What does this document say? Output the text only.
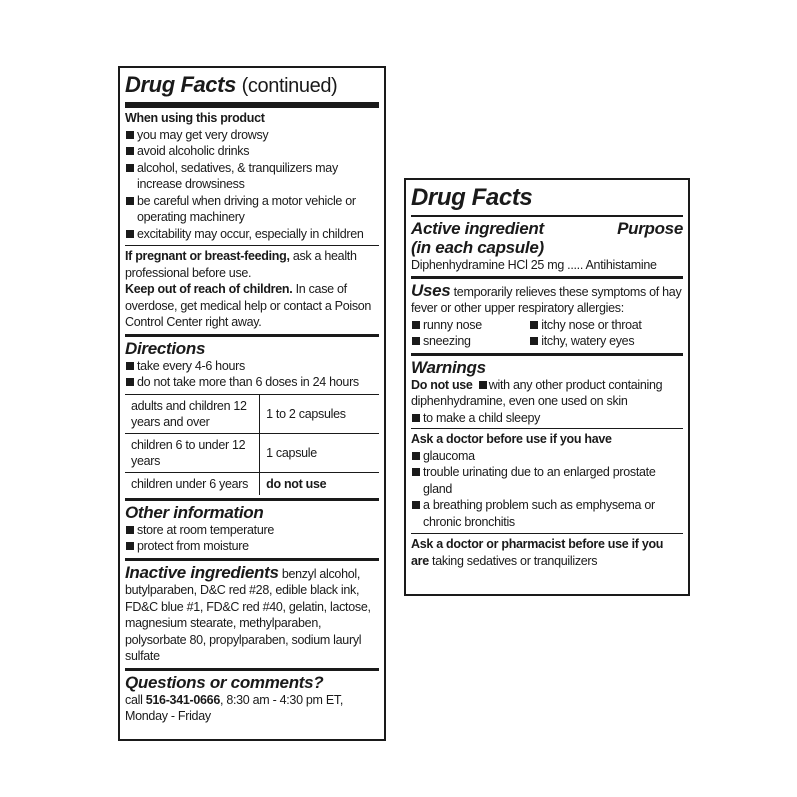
Drug Facts (continued)
When using this product
you may get very drowsy
avoid alcoholic drinks
alcohol, sedatives, & tranquilizers may increase drowsiness
be careful when driving a motor vehicle or operating machinery
excitability may occur, especially in children
If pregnant or breast-feeding, ask a health professional before use.
Keep out of reach of children. In case of overdose, get medical help or contact a Poison Control Center right away.
Directions
take every 4-6 hours
do not take more than 6 doses in 24 hours
adults and children 12 years and over	1 to 2 capsules
children 6 to under 12 years	1 capsule
children under 6 years	do not use
Other information
store at room temperature
protect from moisture
Inactive ingredients benzyl alcohol, butylparaben, D&C red #28, edible black ink, FD&C blue #1, FD&C red #40, gelatin, lactose, magnesium stearate, methylparaben, polysorbate 80, propylparaben, sodium lauryl sulfate
Questions or comments?
call 516-341-0666, 8:30 am - 4:30 pm ET, Monday - Friday
Drug Facts
Active ingredient	Purpose
(in each capsule)
Diphenhydramine HCl 25 mg ..... Antihistamine
Uses temporarily relieves these symptoms of hay fever or other upper respiratory allergies:
runny nose
sneezing
itchy nose or throat
itchy, watery eyes
Warnings
Do not use with any other product containing diphenhydramine, even one used on skin
to make a child sleepy
Ask a doctor before use if you have
glaucoma
trouble urinating due to an enlarged prostate gland
a breathing problem such as emphysema or chronic bronchitis
Ask a doctor or pharmacist before use if you are taking sedatives or tranquilizers
